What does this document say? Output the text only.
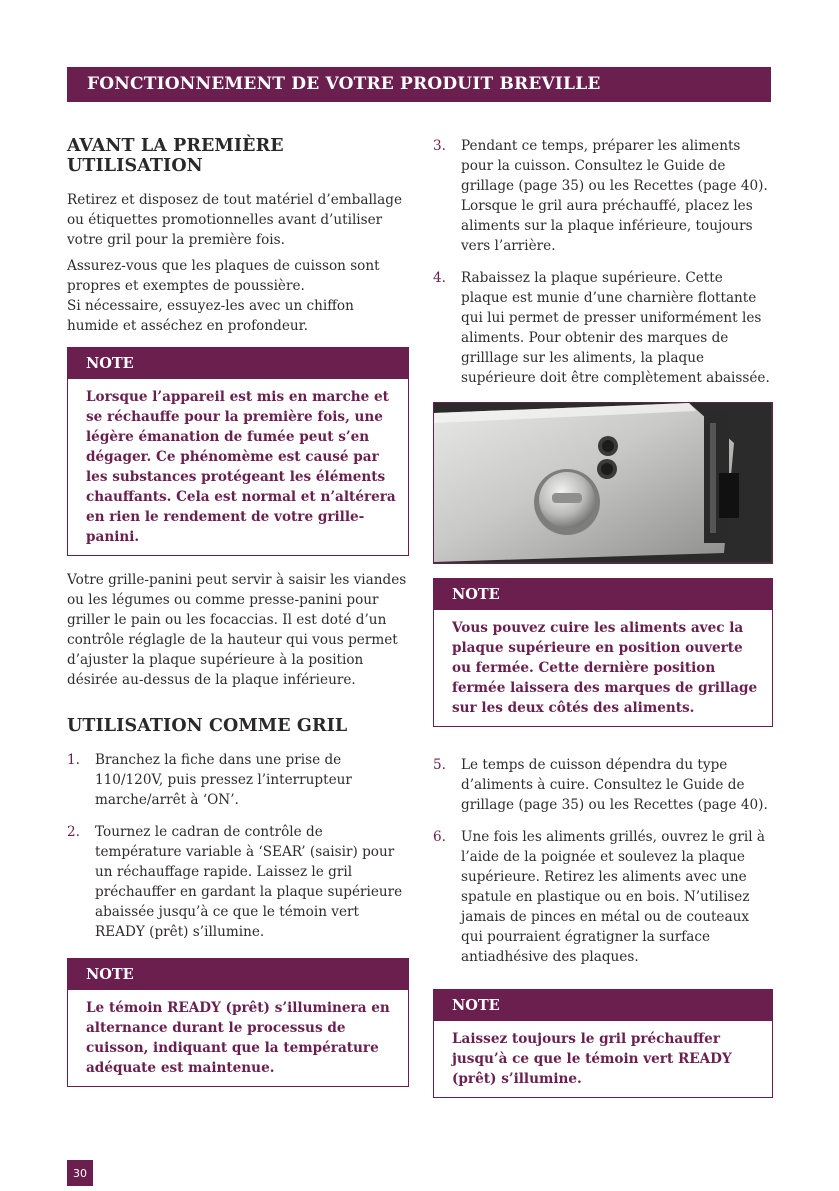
FONCTIONNEMENT DE VOTRE PRODUIT BREVILLE
AVANT LA PREMIÈRE UTILISATION

Retirez et disposez de tout matériel d’emballage ou étiquettes promotionnelles avant d’utiliser votre gril pour la première fois.

Assurez-vous que les plaques de cuisson sont propres et exemptes de poussière.

Si nécessaire, essuyez-les avec un chiffon humide et asséchez en profondeur.

NOTE
Lorsque l’appareil est mis en marche et se réchauffe pour la première fois, une légère émanation de fumée peut s’en dégager. Ce phénomème est causé par les substances protégeant les éléments chauffants. Cela est normal et n’altérera en rien le rendement de votre grille-panini.

Votre grille-panini peut servir à saisir les viandes ou les légumes ou comme presse-panini pour griller le pain ou les focaccias. Il est doté d’un contrôle réglaglе de la hauteur qui vous permet d’ajuster la plaque supérieure à la position désirée au-dessus de la plaque inférieure.

UTILISATION COMME GRIL
1. Branchez la fiche dans une prise de 110/120V, puis pressez l’interrupteur marche/arrêt à ‘ON’.

2. Tournez le cadran de contrôle de température variable à ‘SEAR’ (saisir) pour un réchauffage rapide. Laissez le gril préchauffer en gardant la plaque supérieure abaissée jusqu’à ce que le témoin vert READY (prêt) s’illumine.

NOTE
Le témoin READY (prêt) s’illuminera en alternance durant le processus de cuisson, indiquant que la température adéquate est maintenue.
3. Pendant ce temps, préparer les aliments pour la cuisson. Consultez le Guide de grillage (page 35) ou les Recettes (page 40). Lorsque le gril aura préchauffé, placez les aliments sur la plaque inférieure, toujours vers l’arrière.

4. Rabaissez la plaque supérieure. Cette plaque est munie d’une charnière flottante qui lui permet de presser uniformément les aliments. Pour obtenir des marques de grilllage sur les aliments, la plaque supérieure doit être complètement abaissée.

NOTE
Vous pouvez cuire les aliments avec la plaque supérieure en position ouverte ou fermée. Cette dernière position fermée laissera des marques de grillage sur les deux côtés des aliments.
5. Le temps de cuisson dépendra du type d’aliments à cuire. Consultez le Guide de grillage (page 35) ou les Recettes (page 40).

6. Une fois les aliments grillés, ouvrez le gril à l’aide de la poignée et soulevez la plaque supérieure. Retirez les aliments avec une spatule en plastique ou en bois. N’utilisez jamais de pinces en métal ou de couteaux qui pourraient égratigner la surface antiadhésive des plaques.

NOTE
Laissez toujours le gril préchauffer jusqu’à ce que le témoin vert READY (prêt) s’illumine.
30
